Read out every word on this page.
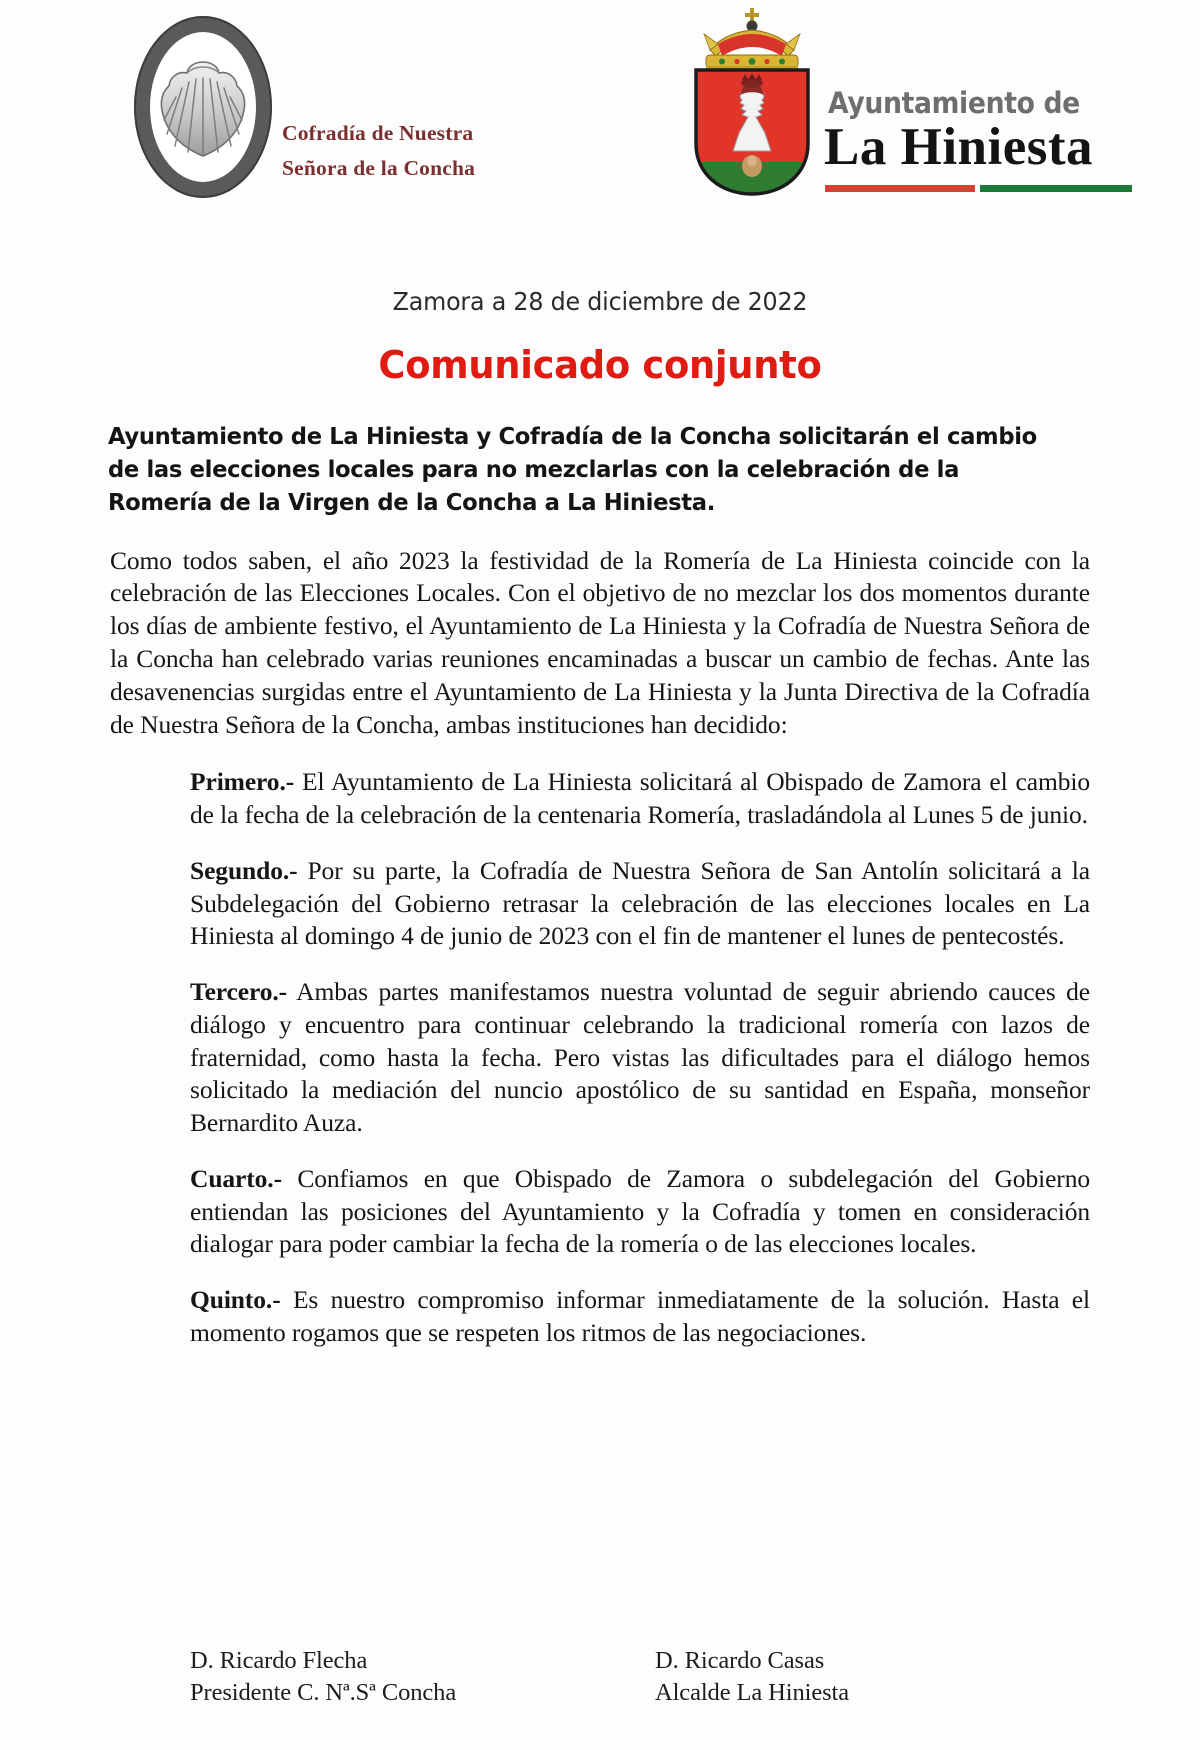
Cofradía de Nuestra
Señora de la Concha
Ayuntamiento de
La Hiniesta
Zamora a 28 de diciembre de 2022
Comunicado conjunto
Ayuntamiento de La Hiniesta y Cofradía de la Concha solicitarán el cambio de las elecciones locales para no mezclarlas con la celebración de la Romería de la Virgen de la Concha a La Hiniesta.

Como todos saben, el año 2023 la festividad de la Romería de La Hiniesta coincide con la celebración de las Elecciones Locales. Con el objetivo de no mezclar los dos momentos durante los días de ambiente festivo, el Ayuntamiento de La Hiniesta y la Cofradía de Nuestra Señora de la Concha han celebrado varias reuniones encaminadas a buscar un cambio de fechas. Ante las desavenencias surgidas entre el Ayuntamiento de La Hiniesta y la Junta Directiva de la Cofradía de Nuestra Señora de la Concha, ambas instituciones han decidido:

Primero.- El Ayuntamiento de La Hiniesta solicitará al Obispado de Zamora el cambio de la fecha de la celebración de la centenaria Romería, trasladándola al Lunes 5 de junio.

Segundo.- Por su parte, la Cofradía de Nuestra Señora de San Antolín solicitará a la Subdelegación del Gobierno retrasar la celebración de las elecciones locales en La Hiniesta al domingo 4 de junio de 2023 con el fin de mantener el lunes de pentecostés.

Tercero.- Ambas partes manifestamos nuestra voluntad de seguir abriendo cauces de diálogo y encuentro para continuar celebrando la tradicional romería con lazos de fraternidad, como hasta la fecha. Pero vistas las dificultades para el diálogo hemos solicitado la mediación del nuncio apostólico de su santidad en España, monseñor Bernardito Auza.

Cuarto.- Confiamos en que Obispado de Zamora o subdelegación del Gobierno entiendan las posiciones del Ayuntamiento y la Cofradía y tomen en consideración dialogar para poder cambiar la fecha de la romería o de las elecciones locales.

Quinto.- Es nuestro compromiso informar inmediatamente de la solución. Hasta el momento rogamos que se respeten los ritmos de las negociaciones.

D. Ricardo Flecha
Presidente C. Nª.Sª Concha
D. Ricardo Casas
Alcalde La Hiniesta
